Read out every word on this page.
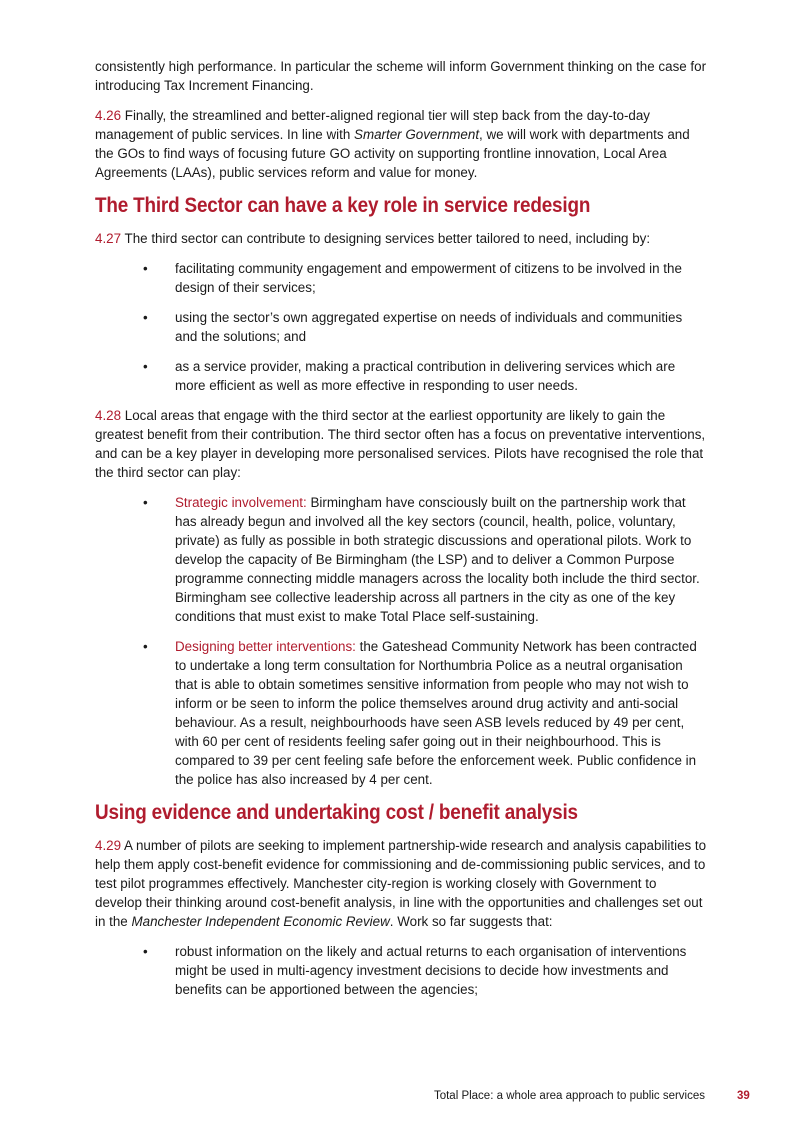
consistently high performance. In particular the scheme will inform Government thinking on the case for introducing Tax Increment Financing.

4.26 Finally, the streamlined and better-aligned regional tier will step back from the day-to-day management of public services. In line with Smarter Government, we will work with departments and the GOs to find ways of focusing future GO activity on supporting frontline innovation, Local Area Agreements (LAAs), public services reform and value for money.

The Third Sector can have a key role in service redesign

4.27 The third sector can contribute to designing services better tailored to need, including by:

• facilitating community engagement and empowerment of citizens to be involved in the design of their services;
• using the sector’s own aggregated expertise on needs of individuals and communities and the solutions; and
• as a service provider, making a practical contribution in delivering services which are more efficient as well as more effective in responding to user needs.

4.28 Local areas that engage with the third sector at the earliest opportunity are likely to gain the greatest benefit from their contribution. The third sector often has a focus on preventative interventions, and can be a key player in developing more personalised services. Pilots have recognised the role that the third sector can play:

• Strategic involvement: Birmingham have consciously built on the partnership work that has already begun and involved all the key sectors (council, health, police, voluntary, private) as fully as possible in both strategic discussions and operational pilots. Work to develop the capacity of Be Birmingham (the LSP) and to deliver a Common Purpose programme connecting middle managers across the locality both include the third sector. Birmingham see collective leadership across all partners in the city as one of the key conditions that must exist to make Total Place self-sustaining.
• Designing better interventions: the Gateshead Community Network has been contracted to undertake a long term consultation for Northumbria Police as a neutral organisation that is able to obtain sometimes sensitive information from people who may not wish to inform or be seen to inform the police themselves around drug activity and anti-social behaviour. As a result, neighbourhoods have seen ASB levels reduced by 49 per cent, with 60 per cent of residents feeling safer going out in their neighbourhood. This is compared to 39 per cent feeling safe before the enforcement week. Public confidence in the police has also increased by 4 per cent.
Using evidence and undertaking cost / benefit analysis

4.29 A number of pilots are seeking to implement partnership-wide research and analysis capabilities to help them apply cost-benefit evidence for commissioning and de-commissioning public services, and to test pilot programmes effectively. Manchester city-region is working closely with Government to develop their thinking around cost-benefit analysis, in line with the opportunities and challenges set out in the Manchester Independent Economic Review. Work so far suggests that:

• robust information on the likely and actual returns to each organisation of interventions might be used in multi-agency investment decisions to decide how investments and benefits can be apportioned between the agencies;
Total Place: a whole area approach to public services	39
